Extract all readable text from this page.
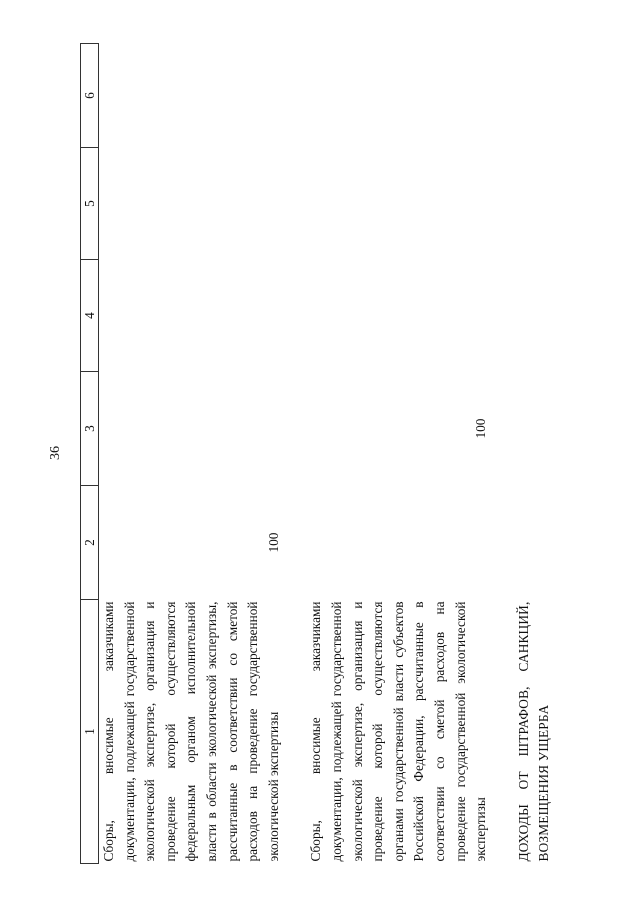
36
1	2	3	4	5	6
Сборы, вносимые заказчиками документации, подлежащей государственной экологической экспертизе, организация и проведение которой осуществляются федеральным органом исполнительной власти в области экологической экспертизы, рассчитанные в соответствии со сметой расходов на проведение государственной экологической экспертизы	100				

Сборы, вносимые заказчиками документации, подлежащей государственной экологической экспертизе, организация и проведение которой осуществляются органами государственной власти субъектов Российской Федерации, рассчитанные в соответствии со сметой расходов на проведение государственной экологической экспертизы		100			

ДОХОДЫ ОТ ШТРАФОВ, САНКЦИЙ, ВОЗМЕЩЕНИЯ УЩЕРБА					
